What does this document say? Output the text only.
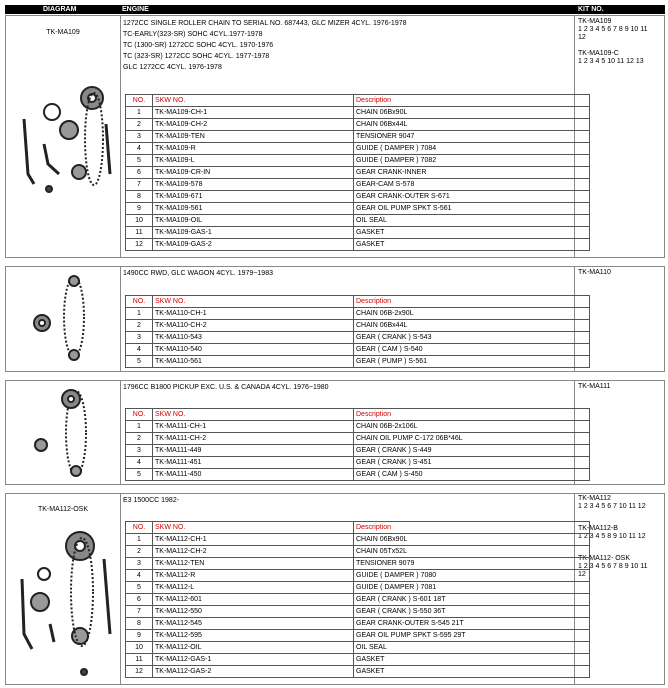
DIAGRAM	ENGINE	KIT NO.
TK-MA109
1272CC SINGLE ROLLER CHAIN TO SERIAL NO. 687443, GLC MIZER 4CYL. 1976-1978
TC-EARLY(323-SR) SOHC 4CYL.1977-1978
TC (1300-SR) 1272CC SOHC 4CYL. 1970-1976
TC (323-SR) 1272CC SOHC 4CYL. 1977-1978
GLC 1272CC 4CYL. 1976-1978
TK-MA109
1 2 3 4 5 6 7 8 9 10 11
12
TK-MA109-C
1 2 3 4 5 10 11 12 13
NO.	SKW NO.	Description
1	TK-MA109-CH-1	CHAIN 06Bx90L
2	TK-MA109-CH-2	CHAIN 06Bx44L
3	TK-MA109-TEN	TENSIONER 9047
4	TK-MA109-R	GUIDE ( DAMPER ) 7084
5	TK-MA109-L	GUIDE ( DAMPER ) 7082
6	TK-MA109-CR-IN	GEAR CRANK-INNER
7	TK-MA109-578	GEAR-CAM S-578
8	TK-MA109-671	GEAR CRANK-OUTER S-671
9	TK-MA109-561	GEAR OIL PUMP SPKT S-561
10	TK-MA109-OIL	OIL SEAL
11	TK-MA109-GAS-1	GASKET
12	TK-MA109-GAS-2	GASKET
1490CC RWD, GLC WAGON 4CYL. 1979~1983	TK-MA110
NO.	SKW NO.	Description
1	TK-MA110-CH-1	CHAIN 06B-2x90L
2	TK-MA110-CH-2	CHAIN 06Bx44L
3	TK-MA110-543	GEAR ( CRANK ) S-543
4	TK-MA110-540	GEAR ( CAM ) S-540
5	TK-MA110-561	GEAR ( PUMP ) S-561
1796CC B1800 PICKUP EXC. U.S. & CANADA 4CYL. 1976~1980	TK-MA111
NO.	SKW NO.	Description
1	TK-MA111-CH-1	CHAIN 06B-2x106L
2	TK-MA111-CH-2	CHAIN OIL PUMP C-172 06B*46L
3	TK-MA111-449	GEAR ( CRANK ) S-449
4	TK-MA111-451	GEAR ( CRANK ) S-451
5	TK-MA111-450	GEAR ( CAM ) S-450
TK-MA112-OSK
E3 1500CC 1982-	TK-MA112
1 2 3 4 5 6 7 10 11 12
TK-MA112-B
1 2 3 4 5 8 9 10 11 12
TK-MA112- OSK
1 2 3 4 5 6 7 8 9 10 11
12
NO.	SKW NO.	Description
1	TK-MA112-CH-1	CHAIN 06Bx90L
2	TK-MA112-CH-2	CHAIN 05Tx52L
3	TK-MA112-TEN	TENSIONER 9079
4	TK-MA112-R	GUIDE ( DAMPER ) 7080
5	TK-MA112-L	GUIDE ( DAMPER ) 7081
6	TK-MA112-601	GEAR ( CRANK ) S-601 18T
7	TK-MA112-550	GEAR ( CRANK ) S-550 36T
8	TK-MA112-545	GEAR CRANK-OUTER S-545 21T
9	TK-MA112-595	GEAR OIL PUMP SPKT S-595 29T
10	TK-MA112-OIL	OIL SEAL
11	TK-MA112-GAS-1	GASKET
12	TK-MA112-GAS-2	GASKET
